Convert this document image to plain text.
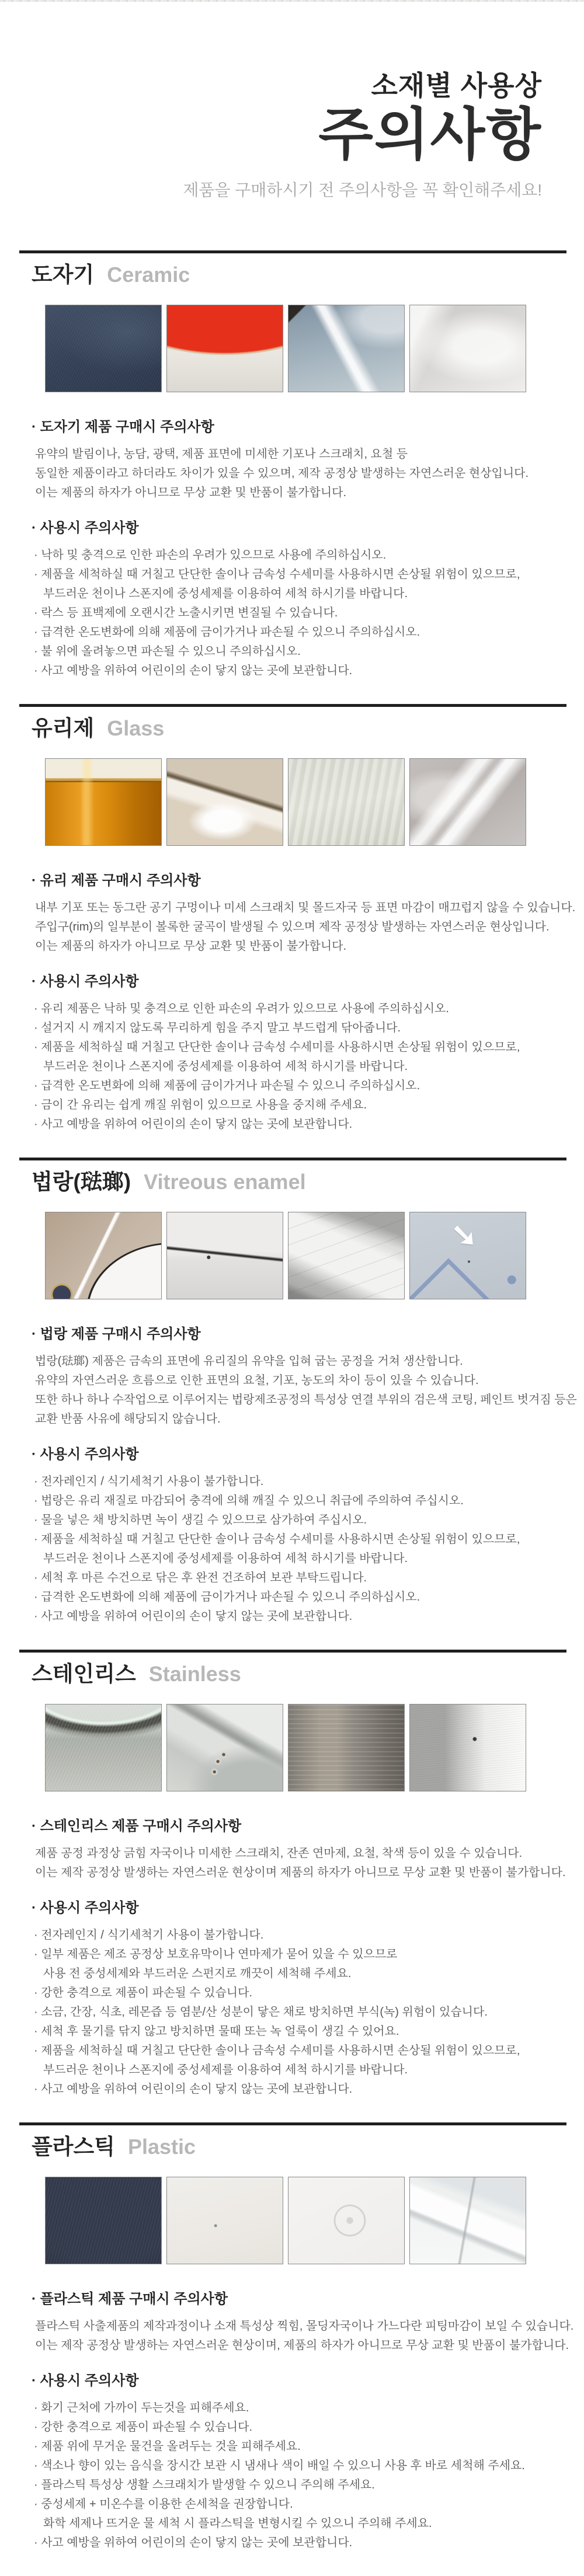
소재별 사용상
주의사항
제품을 구매하시기 전 주의사항을 꼭 확인해주세요!
도자기 Ceramic
· 도자기 제품 구매시 주의사항
유약의 발림이나, 농담, 광택, 제품 표면에 미세한 기포나 스크래치, 요철 등
동일한 제품이라고 하더라도 차이가 있을 수 있으며, 제작 공정상 발생하는 자연스러운 현상입니다.
이는 제품의 하자가 아니므로 무상 교환 및 반품이 불가합니다.
· 사용시 주의사항
· 낙하 및 충격으로 인한 파손의 우려가 있으므로 사용에 주의하십시오.
· 제품을 세척하실 때 거칠고 단단한 솔이나 금속성 수세미를 사용하시면 손상될 위험이 있으므로,
부드러운 천이나 스폰지에 중성세제를 이용하여 세척 하시기를 바랍니다.
· 락스 등 표백제에 오랜시간 노출시키면 변질될 수 있습니다.
· 급격한 온도변화에 의해 제품에 금이가거나 파손될 수 있으니 주의하십시오.
· 불 위에 올려놓으면 파손될 수 있으니 주의하십시오.
· 사고 예방을 위하여 어린이의 손이 닿지 않는 곳에 보관합니다.
유리제 Glass
· 유리 제품 구매시 주의사항
내부 기포 또는 동그란 공기 구멍이나 미세 스크래치 및 몰드자국 등 표면 마감이 매끄럽지 않을 수 있습니다.
주입구(rim)의 일부분이 볼록한 굴곡이 발생될 수 있으며 제작 공정상 발생하는 자연스러운 현상입니다.
이는 제품의 하자가 아니므로 무상 교환 및 반품이 불가합니다.
· 사용시 주의사항
· 유리 제품은 낙하 및 충격으로 인한 파손의 우려가 있으므로 사용에 주의하십시오.
· 설거지 시 깨지지 않도록 무리하게 힘을 주지 말고 부드럽게 닦아줍니다.
· 제품을 세척하실 때 거칠고 단단한 솔이나 금속성 수세미를 사용하시면 손상될 위험이 있으므로,
부드러운 천이나 스폰지에 중성세제를 이용하여 세척 하시기를 바랍니다.
· 급격한 온도변화에 의해 제품에 금이가거나 파손될 수 있으니 주의하십시오.
· 금이 간 유리는 쉽게 깨질 위험이 있으므로 사용을 중지해 주세요.
· 사고 예방을 위하여 어린이의 손이 닿지 않는 곳에 보관합니다.
법랑(琺瑯) Vitreous enamel
➘
· 법랑 제품 구매시 주의사항
법랑(琺瑯) 제품은 금속의 표면에 유리질의 유약을 입혀 굽는 공정을 거쳐 생산합니다.
유약의 자연스러운 흐름으로 인한 표면의 요철, 기포, 농도의 차이 등이 있을 수 있습니다.
또한 하나 하나 수작업으로 이루어지는 법랑제조공정의 특성상 연결 부위의 검은색 코팅, 페인트 벗겨짐 등은
교환 반품 사유에 해당되지 않습니다.
· 사용시 주의사항
· 전자레인지 / 식기세척기 사용이 불가합니다.
· 법랑은 유리 재질로 마감되어 충격에 의해 깨질 수 있으니 취급에 주의하여 주십시오.
· 물을 넣은 채 방치하면 녹이 생길 수 있으므로 삼가하여 주십시오.
· 제품을 세척하실 때 거칠고 단단한 솔이나 금속성 수세미를 사용하시면 손상될 위험이 있으므로,
부드러운 천이나 스폰지에 중성세제를 이용하여 세척 하시기를 바랍니다.
· 세척 후 마른 수건으로 닦은 후 완전 건조하여 보관 부탁드립니다.
· 급격한 온도변화에 의해 제품에 금이가거나 파손될 수 있으니 주의하십시오.
· 사고 예방을 위하여 어린이의 손이 닿지 않는 곳에 보관합니다.
스테인리스 Stainless
· 스테인리스 제품 구매시 주의사항
제품 공정 과정상 긁힘 자국이나 미세한 스크래치, 잔존 연마제, 요철, 착색 등이 있을 수 있습니다.
이는 제작 공정상 발생하는 자연스러운 현상이며 제품의 하자가 아니므로 무상 교환 및 반품이 불가합니다.
· 사용시 주의사항
· 전자레인지 / 식기세척기 사용이 불가합니다.
· 일부 제품은 제조 공정상 보호유막이나 연마제가 묻어 있을 수 있으므로
사용 전 중성세제와 부드러운 스펀지로 깨끗이 세척해 주세요.
· 강한 충격으로 제품이 파손될 수 있습니다.
· 소금, 간장, 식초, 레몬즙 등 염분/산 성분이 닿은 채로 방치하면 부식(녹) 위험이 있습니다.
· 세척 후 물기를 닦지 않고 방치하면 물때 또는 녹 얼룩이 생길 수 있어요.
· 제품을 세척하실 때 거칠고 단단한 솔이나 금속성 수세미를 사용하시면 손상될 위험이 있으므로,
부드러운 천이나 스폰지에 중성세제를 이용하여 세척 하시기를 바랍니다.
· 사고 예방을 위하여 어린이의 손이 닿지 않는 곳에 보관합니다.
플라스틱 Plastic
· 플라스틱 제품 구매시 주의사항
플라스틱 사출제품의 제작과정이나 소재 특성상 찍힘, 몰딩자국이나 가느다란 피팅마감이 보일 수 있습니다.
이는 제작 공정상 발생하는 자연스러운 현상이며, 제품의 하자가 아니므로 무상 교환 및 반품이 불가합니다.
· 사용시 주의사항
· 화기 근처에 가까이 두는것을 피해주세요.
· 강한 충격으로 제품이 파손될 수 있습니다.
· 제품 위에 무거운 물건을 올려두는 것을 피해주세요.
· 색소나 향이 있는 음식을 장시간 보관 시 냄새나 색이 배일 수 있으니 사용 후 바로 세척해 주세요.
· 플라스틱 특성상 생활 스크래치가 발생할 수 있으니 주의해 주세요.
· 중성세제 + 미온수를 이용한 손세척을 권장합니다.
화학 세제나 뜨거운 물 세척 시 플라스틱을 변형시킬 수 있으니 주의해 주세요.
· 사고 예방을 위하여 어린이의 손이 닿지 않는 곳에 보관합니다.
